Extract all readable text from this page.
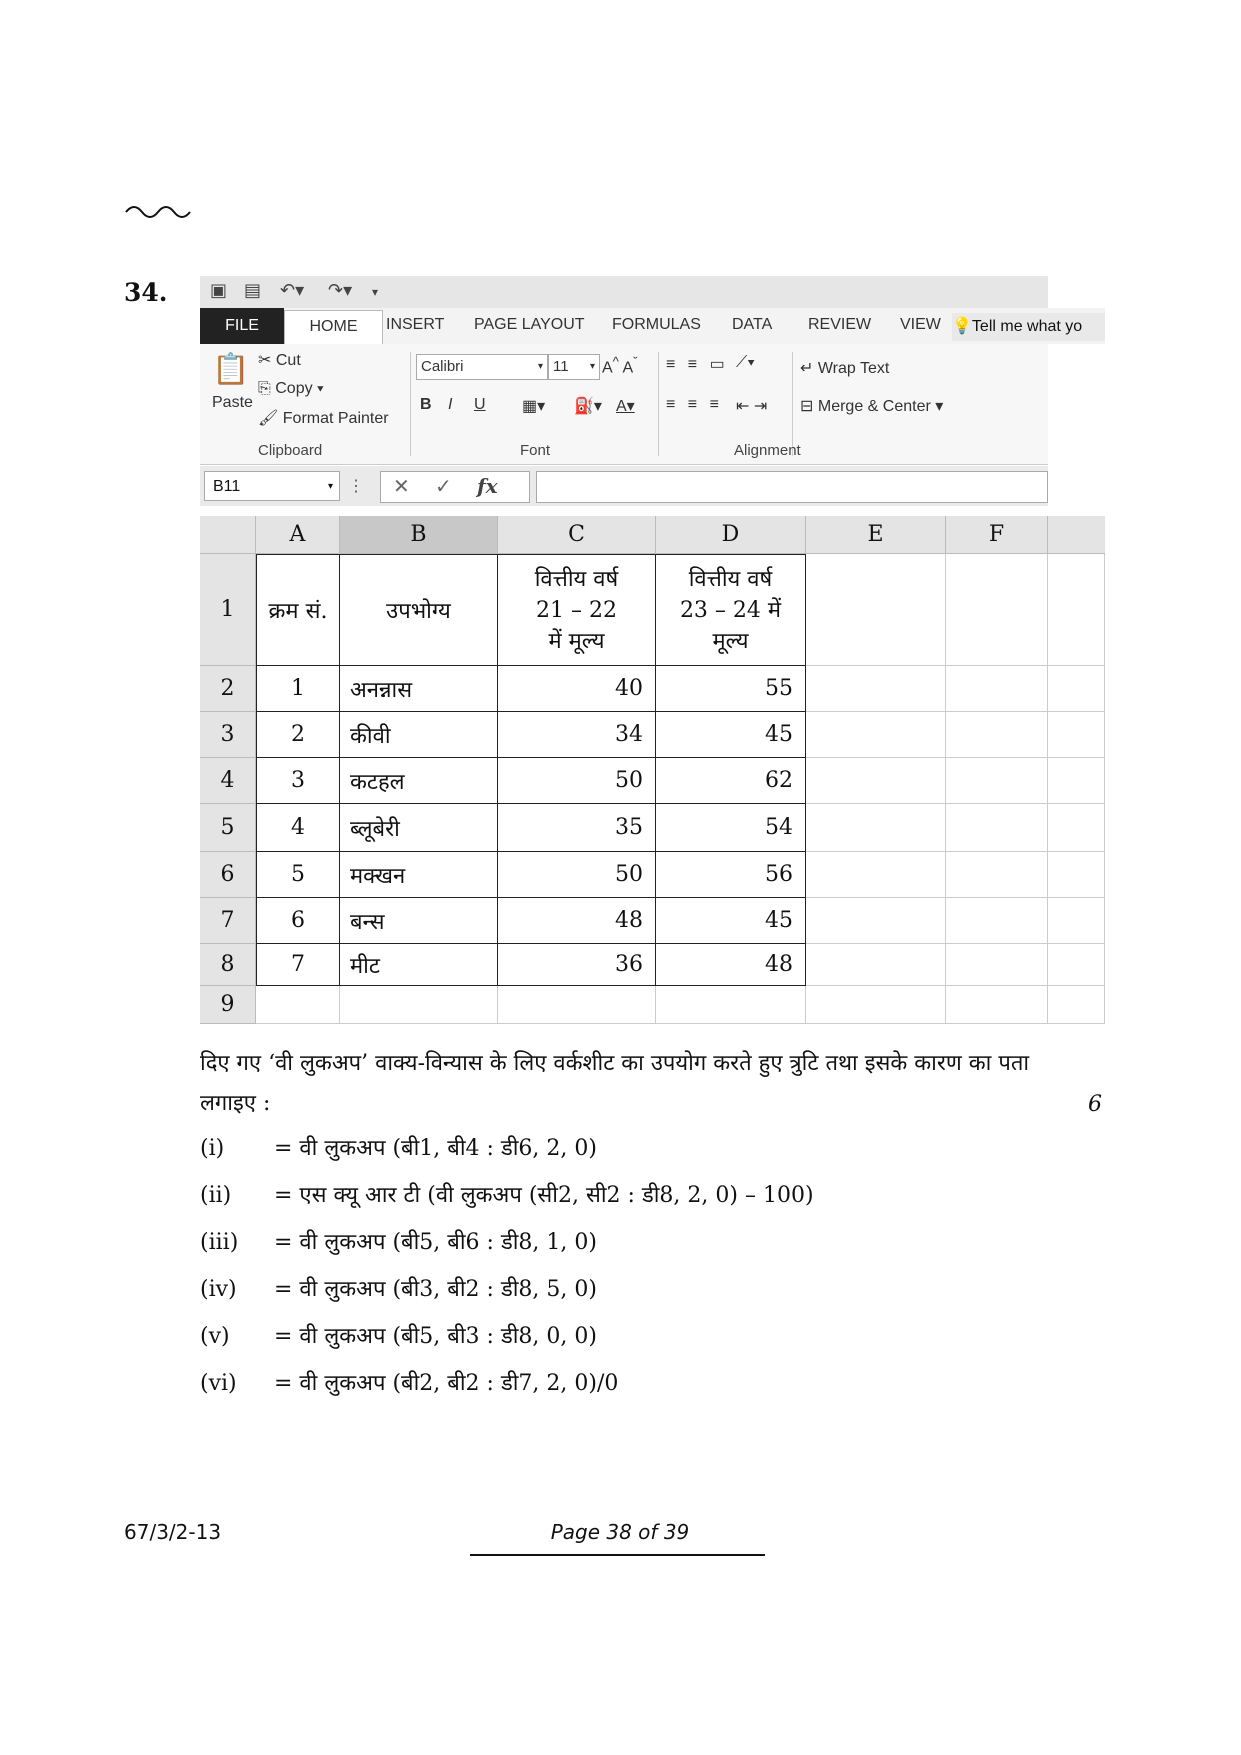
34. ▣ ▤ ↶▾ ↷▾ ▾
FILE	HOME	INSERT PAGE LAYOUT FORMULAS DATA REVIEW VIEW 💡Tell me what yo
📋
Paste
✂ Cut
⎘ Copy ▾
🖌 Format Painter
Clipboard
Calibri	▾ 11 ▾ A^ $A^ˇ$
B I U ▦▾ ⛽▾ A▾
Font
≡ ≡ ▭ ⟋▾
≡ ≡ ≡ ⇤ ⇥
↵ Wrap Text
⊟ Merge & Center ▾
Alignment
B11	▾ ⋮ ✕ ✓ fx
A	B	C	D	E	F
1	क्रम सं.	उपभोग्य
वित्तीय वर्ष
21 – 22
में मूल्य
वित्तीय वर्ष
23 – 24 में
मूल्य
2	1	अनन्नास	40	55
3	2	कीवी	34	45
4	3	कटहल	50	62
5	4	ब्लूबेरी	35	54
6	5	मक्खन	50	56
7	6	बन्स	48	45
8	7	मीट	36	48
9
दिए गए ‘वी लुकअप’ वाक्य-विन्यास के लिए वर्कशीट का उपयोग करते हुए त्रुटि तथा इसके कारण का पता लगाइए :	6
(i) = वी लुकअप (बी1, बी4 : डी6, 2, 0)
(ii) = एस क्यू आर टी (वी लुकअप (सी2, सी2 : डी8, 2, 0) – 100)
(iii) = वी लुकअप (बी5, बी6 : डी8, 1, 0)
(iv) = वी लुकअप (बी3, बी2 : डी8, 5, 0)
(v) = वी लुकअप (बी5, बी3 : डी8, 0, 0)
(vi) = वी लुकअप (बी2, बी2 : डी7, 2, 0)/0
67/3/2-13	Page 38 of 39
